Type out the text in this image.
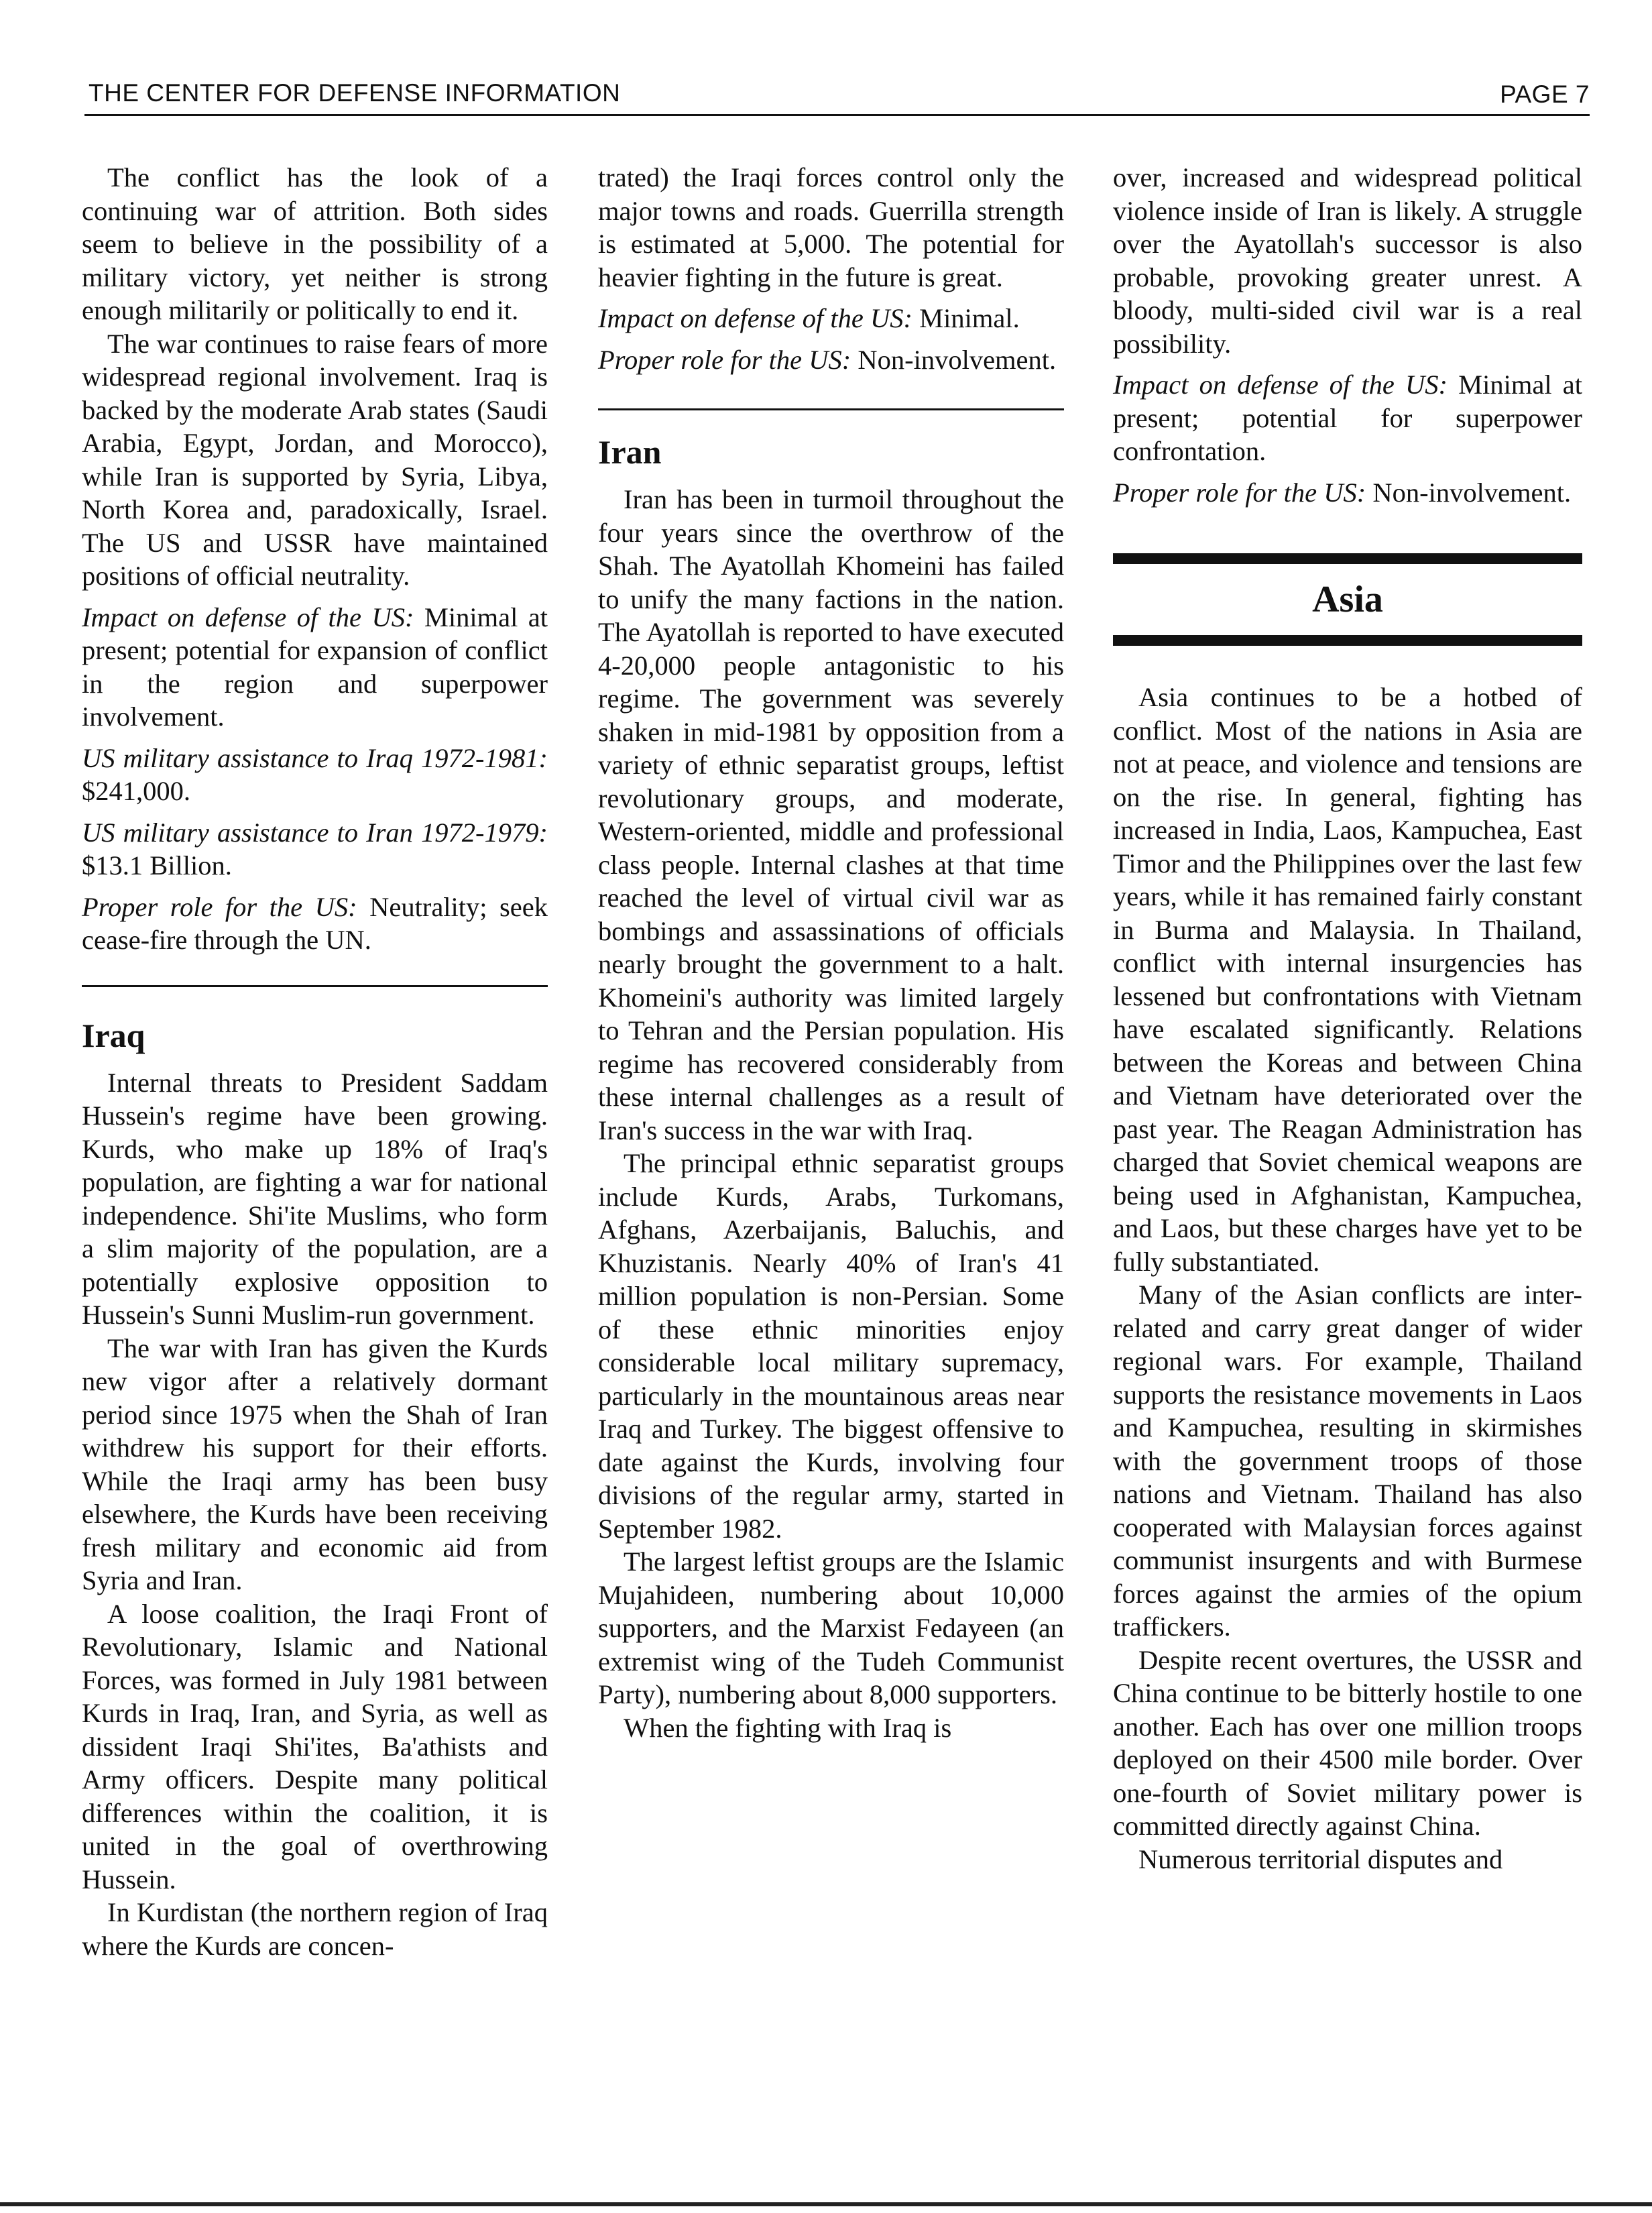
THE CENTER FOR DEFENSE INFORMATION	PAGE 7

The conflict has the look of a continuing war of attrition. Both sides seem to believe in the possibility of a military victory, yet neither is strong enough militarily or politically to end it.

The war continues to raise fears of more widespread regional involvement. Iraq is backed by the moderate Arab states (Saudi Arabia, Egypt, Jordan, and Morocco), while Iran is supported by Syria, Libya, North Korea and, paradoxically, Israel. The US and USSR have maintained positions of official neutrality.

Impact on defense of the US: Minimal at present; potential for expansion of conflict in the region and superpower involvement.

US military assistance to Iraq 1972-1981: $241,000.

US military assistance to Iran 1972-1979: $13.1 Billion.

Proper role for the US: Neutrality; seek cease-fire through the UN.

Iraq

Internal threats to President Saddam Hussein's regime have been growing. Kurds, who make up 18% of Iraq's population, are fighting a war for national independence. Shi'ite Muslims, who form a slim majority of the population, are a potentially explosive opposition to Hussein's Sunni Muslim-run government.

The war with Iran has given the Kurds new vigor after a relatively dormant period since 1975 when the Shah of Iran withdrew his support for their efforts. While the Iraqi army has been busy elsewhere, the Kurds have been receiving fresh military and economic aid from Syria and Iran.

A loose coalition, the Iraqi Front of Revolutionary, Islamic and National Forces, was formed in July 1981 between Kurds in Iraq, Iran, and Syria, as well as dissident Iraqi Shi'ites, Ba'athists and Army officers. Despite many political differences within the coalition, it is united in the goal of overthrowing Hussein.

In Kurdistan (the northern region of Iraq where the Kurds are concen-

trated) the Iraqi forces control only the major towns and roads. Guerrilla strength is estimated at 5,000. The potential for heavier fighting in the future is great.

Impact on defense of the US: Minimal.

Proper role for the US: Non-involvement.

Iran

Iran has been in turmoil throughout the four years since the overthrow of the Shah. The Ayatollah Khomeini has failed to unify the many factions in the nation. The Ayatollah is reported to have executed 4-20,000 people antagonistic to his regime. The government was severely shaken in mid-1981 by opposition from a variety of ethnic separatist groups, leftist revolutionary groups, and moderate, Western-oriented, middle and professional class people. Internal clashes at that time reached the level of virtual civil war as bombings and assassinations of officials nearly brought the government to a halt. Khomeini's authority was limited largely to Tehran and the Persian population. His regime has recovered considerably from these internal challenges as a result of Iran's success in the war with Iraq.

The principal ethnic separatist groups include Kurds, Arabs, Turkomans, Afghans, Azerbaijanis, Baluchis, and Khuzistanis. Nearly 40% of Iran's 41 million population is non-Persian. Some of these ethnic minorities enjoy considerable local military supremacy, particularly in the mountainous areas near Iraq and Turkey. The biggest offensive to date against the Kurds, involving four divisions of the regular army, started in September 1982.

The largest leftist groups are the Islamic Mujahideen, numbering about 10,000 supporters, and the Marxist Fedayeen (an extremist wing of the Tudeh Communist Party), numbering about 8,000 supporters.

When the fighting with Iraq is

over, increased and widespread political violence inside of Iran is likely. A struggle over the Ayatollah's successor is also probable, provoking greater unrest. A bloody, multi-sided civil war is a real possibility.

Impact on defense of the US: Minimal at present; potential for superpower confrontation.

Proper role for the US: Non-involvement.

Asia

Asia continues to be a hotbed of conflict. Most of the nations in Asia are not at peace, and violence and tensions are on the rise. In general, fighting has increased in India, Laos, Kampuchea, East Timor and the Philippines over the last few years, while it has remained fairly constant in Burma and Malaysia. In Thailand, conflict with internal insurgencies has lessened but confrontations with Vietnam have escalated significantly. Relations between the Koreas and between China and Vietnam have deteriorated over the past year. The Reagan Administration has charged that Soviet chemical weapons are being used in Afghanistan, Kampuchea, and Laos, but these charges have yet to be fully substantiated.

Many of the Asian conflicts are inter-related and carry great danger of wider regional wars. For example, Thailand supports the resistance movements in Laos and Kampuchea, resulting in skirmishes with the government troops of those nations and Vietnam. Thailand has also cooperated with Malaysian forces against communist insurgents and with Burmese forces against the armies of the opium traffickers.

Despite recent overtures, the USSR and China continue to be bitterly hostile to one another. Each has over one million troops deployed on their 4500 mile border. Over one-fourth of Soviet military power is committed directly against China.

Numerous territorial disputes and
